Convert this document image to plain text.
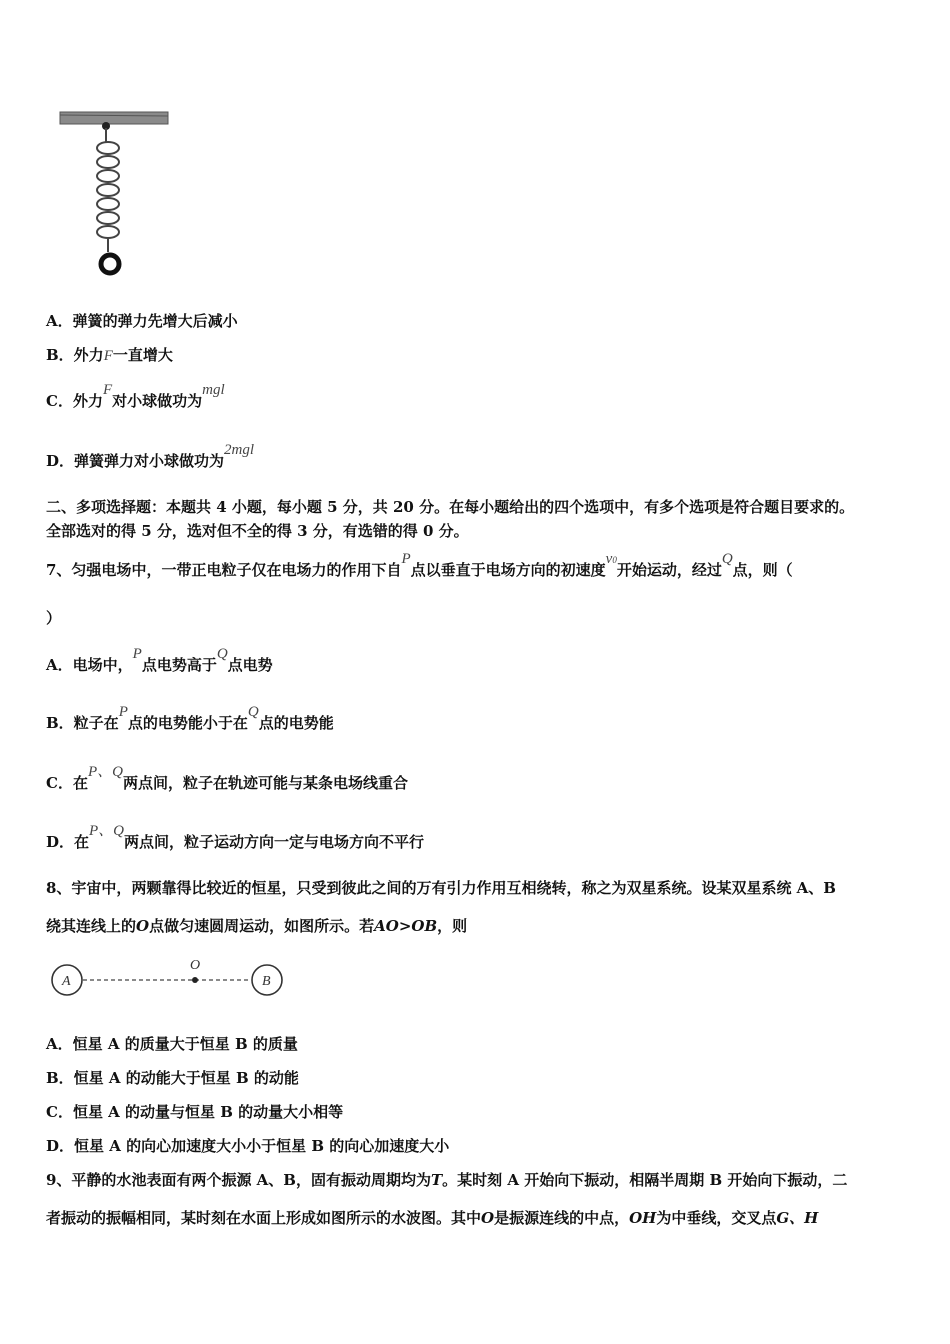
A．弹簧的弹力先增大后减小
B．外力F一直增大
C．外力F对小球做功为mgl
D．弹簧弹力对小球做功为2mgl
二、多项选择题：本题共 4 小题，每小题 5 分，共 20 分。在每小题给出的四个选项中，有多个选项是符合题目要求的。
全部选对的得 5 分，选对但不全的得 3 分，有选错的得 0 分。
7、匀强电场中，一带正电粒子仅在电场力的作用下自P点以垂直于电场方向的初速度v0开始运动，经过Q点，则（
）
A．电场中，P点电势高于Q点电势
B．粒子在P点的电势能小于在Q点的电势能
C．在P、Q两点间，粒子在轨迹可能与某条电场线重合
D．在P、Q两点间，粒子运动方向一定与电场方向不平行
8、宇宙中，两颗靠得比较近的恒星，只受到彼此之间的万有引力作用互相绕转，称之为双星系统。设某双星系统 A、B
绕其连线上的O点做匀速圆周运动，如图所示。若AO>OB，则
A
O
B
A．恒星 A 的质量大于恒星 B 的质量
B．恒星 A 的动能大于恒星 B 的动能
C．恒星 A 的动量与恒星 B 的动量大小相等
D．恒星 A 的向心加速度大小小于恒星 B 的向心加速度大小
9、平静的水池表面有两个振源 A、B，固有振动周期均为T。某时刻 A 开始向下振动，相隔半周期 B 开始向下振动，二
者振动的振幅相同，某时刻在水面上形成如图所示的水波图。其中O是振源连线的中点，OH为中垂线，交叉点G、H
